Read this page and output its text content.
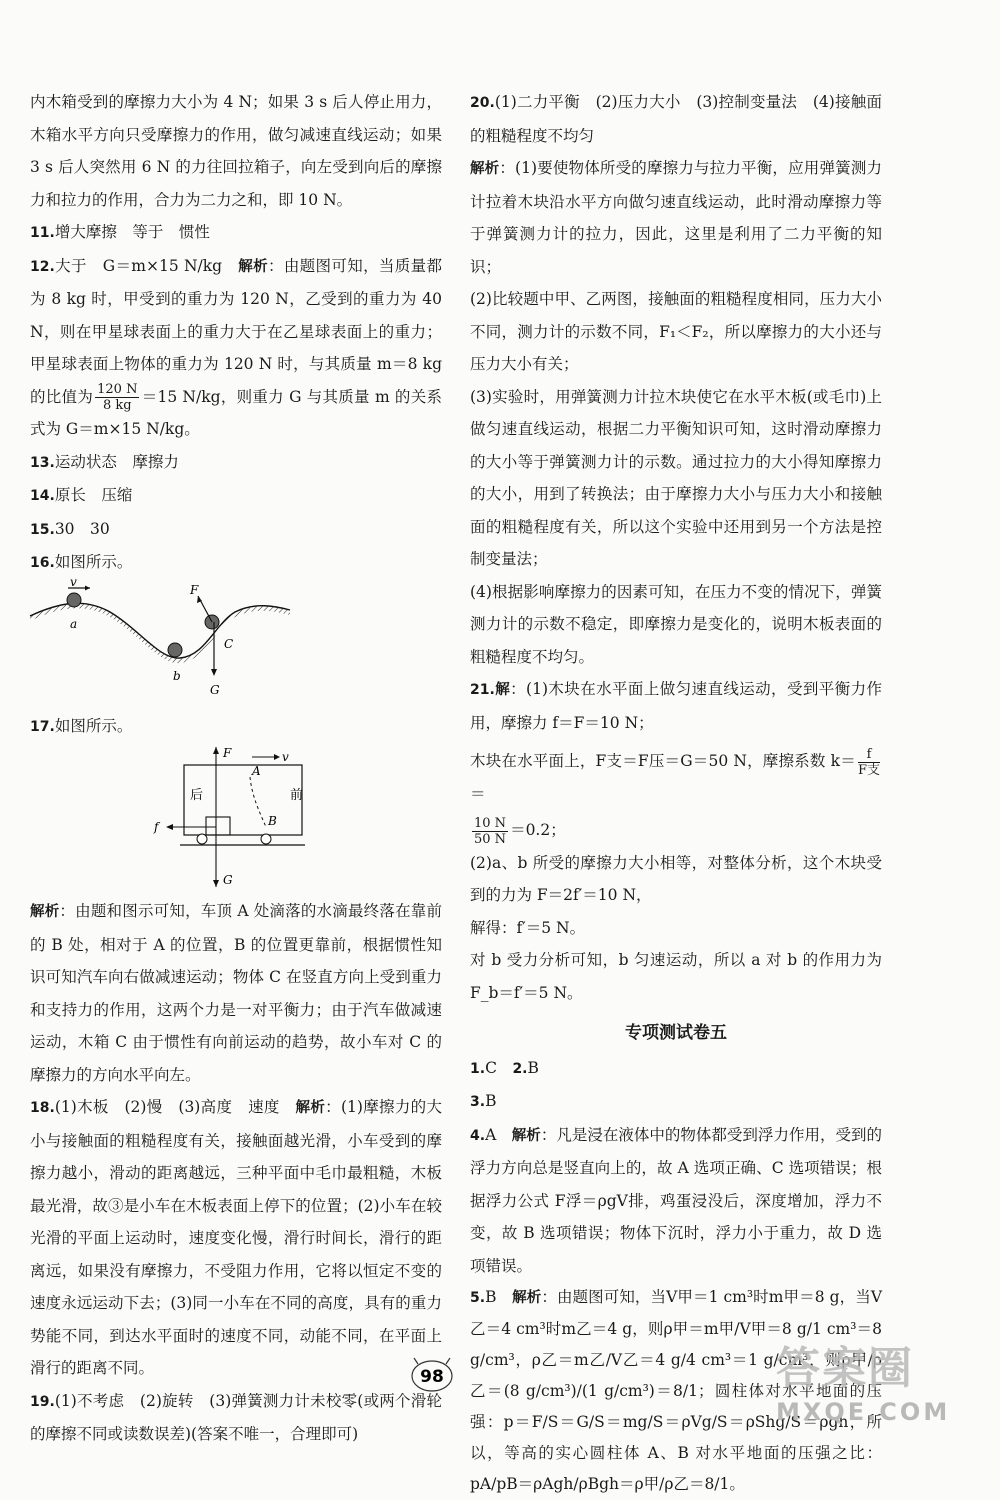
内木箱受到的摩擦力大小为 4 N；如果 3 s 后人停止用力，木箱水平方向只受摩擦力的作用，做匀减速直线运动；如果 3 s 后人突然用 6 N 的力往回拉箱子，向左受到向后的摩擦力和拉力的作用，合力为二力之和，即 10 N。

11.增大摩擦　等于　惯性

12.大于　G＝m×15 N/kg　解析：由题图可知，当质量都为 8 kg 时，甲受到的重力为 120 N，乙受到的重力为 40 N，则在甲星球表面上的重力大于在乙星球表面上的重力；甲星球表面上物体的重力为 120 N 时，与其质量 m＝8 kg 的比值为 $\frac{120 N}{8 kg} =15$ N/kg，则重力 G 与其质量 m 的关系式为 G＝m×15 N/kg。

13.运动状态　摩擦力

14.原长　压缩

15.30　30

16.如图所示。

v
a
b
F
G
C

17.如图所示。

F	v
A
B
后	前
f
G

解析：由题和图示可知，车顶 A 处滴落的水滴最终落在靠前的 B 处，相对于 A 的位置，B 的位置更靠前，根据惯性知识可知汽车向右做减速运动；物体 C 在竖直方向上受到重力和支持力的作用，这两个力是一对平衡力；由于汽车做减速运动，木箱 C 由于惯性有向前运动的趋势，故小车对 C 的摩擦力的方向水平向左。

18.(1)木板　(2)慢　(3)高度　速度　解析：(1)摩擦力的大小与接触面的粗糙程度有关，接触面越光滑，小车受到的摩擦力越小，滑动的距离越远，三种平面中毛巾最粗糙，木板最光滑，故③是小车在木板表面上停下的位置；(2)小车在较光滑的平面上运动时，速度变化慢，滑行时间长，滑行的距离远，如果没有摩擦力，不受阻力作用，它将以恒定不变的速度永远运动下去；(3)同一小车在不同的高度，具有的重力势能不同，到达水平面时的速度不同，动能不同，在平面上滑行的距离不同。

19.(1)不考虑　(2)旋转　(3)弹簧测力计未校零(或两个滑轮的摩擦不同或读数误差)(答案不唯一，合理即可)

20.(1)二力平衡　(2)压力大小　(3)控制变量法　(4)接触面的粗糙程度不均匀

解析：(1)要使物体所受的摩擦力与拉力平衡，应用弹簧测力计拉着木块沿水平方向做匀速直线运动，此时滑动摩擦力等于弹簧测力计的拉力，因此，这里是利用了二力平衡的知识；

(2)比较题中甲、乙两图，接触面的粗糙程度相同，压力大小不同，测力计的示数不同，F₁＜F₂，所以摩擦力的大小还与压力大小有关；

(3)实验时，用弹簧测力计拉木块使它在水平木板(或毛巾)上做匀速直线运动，根据二力平衡知识可知，这时滑动摩擦力的大小等于弹簧测力计的示数。通过拉力的大小得知摩擦力的大小，用到了转换法；由于摩擦力大小与压力大小和接触面的粗糙程度有关，所以这个实验中还用到另一个方法是控制变量法；

(4)根据影响摩擦力的因素可知，在压力不变的情况下，弹簧测力计的示数不稳定，即摩擦力是变化的，说明木板表面的粗糙程度不均匀。

21.解：(1)木块在水平面上做匀速直线运动，受到平衡力作用，摩擦力 f＝F＝10 N；

木块在水平面上，F支＝F压＝G＝50 N，摩擦系数 $k= \frac{f}{\text{F支}}$
＝

$\frac{10 N}{50 N} =0.2$；

(2)a、b 所受的摩擦力大小相等，对整体分析，这个木块受到的力为 F＝2f′＝10 N，

解得：f′＝5 N。

对 b 受力分析可知，b 匀速运动，所以 a 对 b 的作用力为 F_b＝f′＝5 N。

专项测试卷五

1.C　2.B

3.B

4.A　解析：凡是浸在液体中的物体都受到浮力作用，受到的浮力方向总是竖直向上的，故 A 选项正确、C 选项错误；根据浮力公式 F浮＝ρgV排，鸡蛋浸没后，深度增加，浮力不变，故 B 选项错误；物体下沉时，浮力小于重力，故 D 选项错误。

5.B　解析：由题图可知，当V甲＝1 cm³时m甲＝8 g，当V乙＝4 cm³时m乙＝4 g，则ρ甲＝m甲/V甲＝8 g/1 cm³＝8 g/cm³，ρ乙＝m乙/V乙＝4 g/4 cm³＝1 g/cm³，则ρ甲/ρ乙＝(8 g/cm³)/(1 g/cm³)＝8/1；圆柱体对水平地面的压强：p＝F/S＝G/S＝mg/S＝ρVg/S＝ρShg/S＝ρgh，所以，等高的实心圆柱体 A、B 对水平地面的压强之比：pA/pB＝ρAgh/ρBgh＝ρ甲/ρ乙＝8/1。

98	答案圈
MXQE.COM
